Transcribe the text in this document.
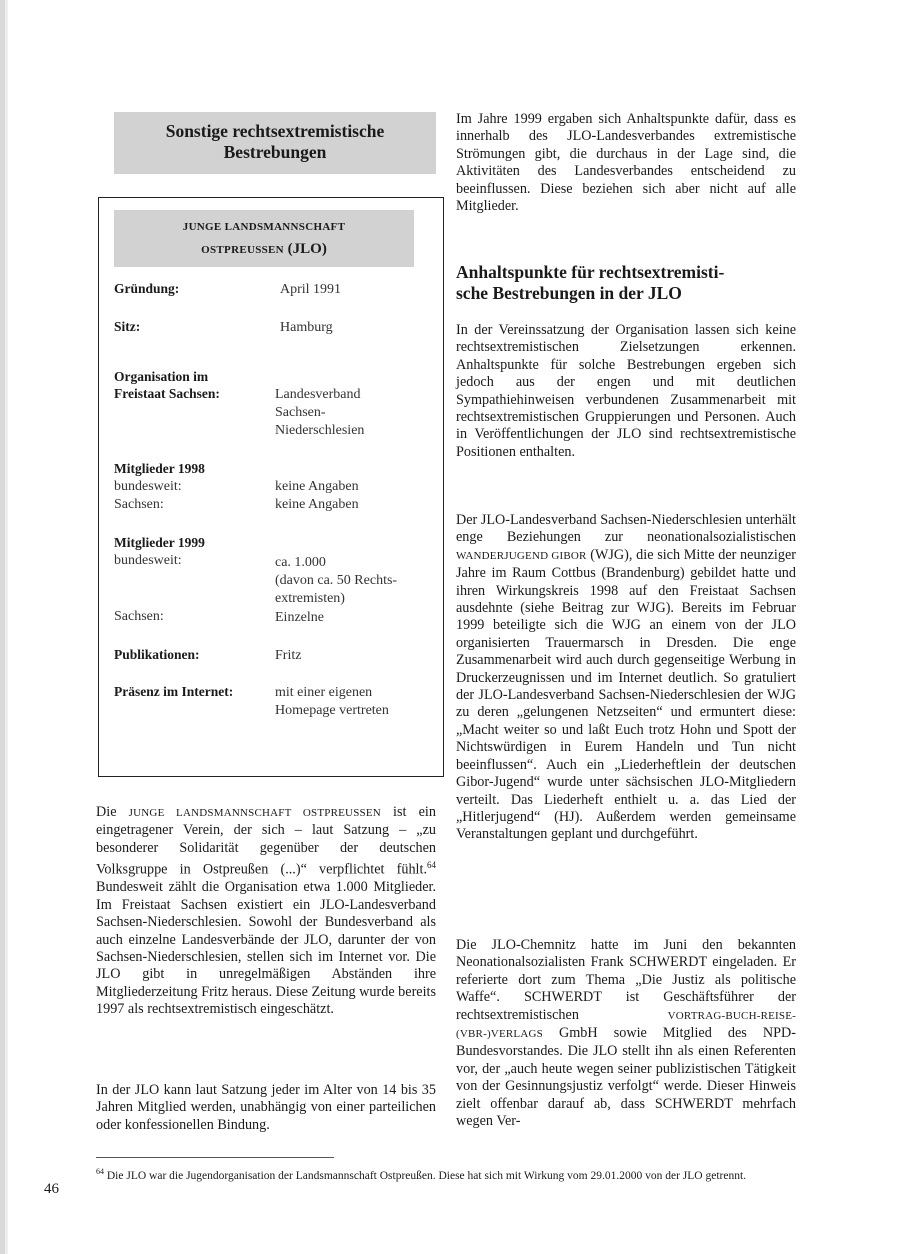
Sonstige rechtsextremistische
Bestrebungen
JUNGE LANDSMANNSCHAFT
OSTPREUSSEN (JLO)
Gründung:	April 1991
Sitz:	Hamburg
Organisation im
Freistaat Sachsen:	Landesverband
Sachsen-
Niederschlesien
Mitglieder 1998
bundesweit:	keine Angaben
Sachsen:	keine Angaben
Mitglieder 1999
bundesweit:	ca. 1.000
(davon ca. 50 Rechts-
extremisten)
Sachsen:	Einzelne
Publikationen:	Fritz
Präsenz im Internet:	mit einer eigenen
Homepage vertreten
Die JUNGE LANDSMANNSCHAFT OSTPREUSSEN ist ein eingetragener Verein, der sich – laut Satzung – „zu besonderer Solidarität gegenüber der deutschen Volksgruppe in Ostpreußen (...)“ verpflichtet fühlt.$^{64}$ Bundesweit zählt die Organisation etwa 1.000 Mitglieder. Im Freistaat Sachsen existiert ein JLO-Landesverband Sachsen-Niederschlesien. Sowohl der Bundesverband als auch einzelne Landesverbände der JLO, darunter der von Sachsen-Niederschlesien, stellen sich im Internet vor. Die JLO gibt in unregelmäßigen Abständen ihre Mitgliederzeitung Fritz heraus. Diese Zeitung wurde bereits 1997 als rechtsextremistisch eingeschätzt.
In der JLO kann laut Satzung jeder im Alter von 14 bis 35 Jahren Mitglied werden, unabhängig von einer parteilichen oder konfessionellen Bindung.
Im Jahre 1999 ergaben sich Anhaltspunkte dafür, dass es innerhalb des JLO-Landesverbandes extremistische Strömungen gibt, die durchaus in der Lage sind, die Aktivitäten des Landesverbandes entscheidend zu beeinflussen. Diese beziehen sich aber nicht auf alle Mitglieder.
Anhaltspunkte für rechtsextremisti-
sche Bestrebungen in der JLO
In der Vereinssatzung der Organisation lassen sich keine rechtsextremistischen Zielsetzungen erkennen. Anhaltspunkte für solche Bestrebungen ergeben sich jedoch aus der engen und mit deutlichen Sympathiehinweisen verbundenen Zusammenarbeit mit rechtsextremistischen Gruppierungen und Personen. Auch in Veröffentlichungen der JLO sind rechtsextremistische Positionen enthalten.
Der JLO-Landesverband Sachsen-Niederschlesien unterhält enge Beziehungen zur neonationalsozialistischen WANDERJUGEND GIBOR (WJG), die sich Mitte der neunziger Jahre im Raum Cottbus (Brandenburg) gebildet hatte und ihren Wirkungskreis 1998 auf den Freistaat Sachsen ausdehnte (siehe Beitrag zur WJG). Bereits im Februar 1999 beteiligte sich die WJG an einem von der JLO organisierten Trauermarsch in Dresden. Die enge Zusammenarbeit wird auch durch gegenseitige Werbung in Druckerzeugnissen und im Internet deutlich. So gratuliert der JLO-Landesverband Sachsen-Niederschlesien der WJG zu deren „gelungenen Netzseiten“ und ermuntert diese: „Macht weiter so und laßt Euch trotz Hohn und Spott der Nichtswürdigen in Eurem Handeln und Tun nicht beeinflussen“. Auch ein „Liederheftlein der deutschen Gibor-Jugend“ wurde unter sächsischen JLO-Mitgliedern verteilt. Das Liederheft enthielt u. a. das Lied der „Hitlerjugend“ (HJ). Außerdem werden gemeinsame Veranstaltungen geplant und durchgeführt.
Die JLO-Chemnitz hatte im Juni den bekannten Neonationalsozialisten Frank SCHWERDT eingeladen. Er referierte dort zum Thema „Die Justiz als politische Waffe“. SCHWERDT ist Geschäftsführer der rechtsextremistischen VORTRAG-BUCH-REISE-(VBR-)VERLAGS GmbH sowie Mitglied des NPD-Bundesvorstandes. Die JLO stellt ihn als einen Referenten vor, der „auch heute wegen seiner publizistischen Tätigkeit von der Gesinnungsjustiz verfolgt“ werde. Dieser Hinweis zielt offenbar darauf ab, dass SCHWERDT mehrfach wegen Ver-
$^{64}$ Die JLO war die Jugendorganisation der Landsmannschaft Ostpreußen. Diese hat sich mit Wirkung vom 29.01.2000 von der JLO getrennt.
46
